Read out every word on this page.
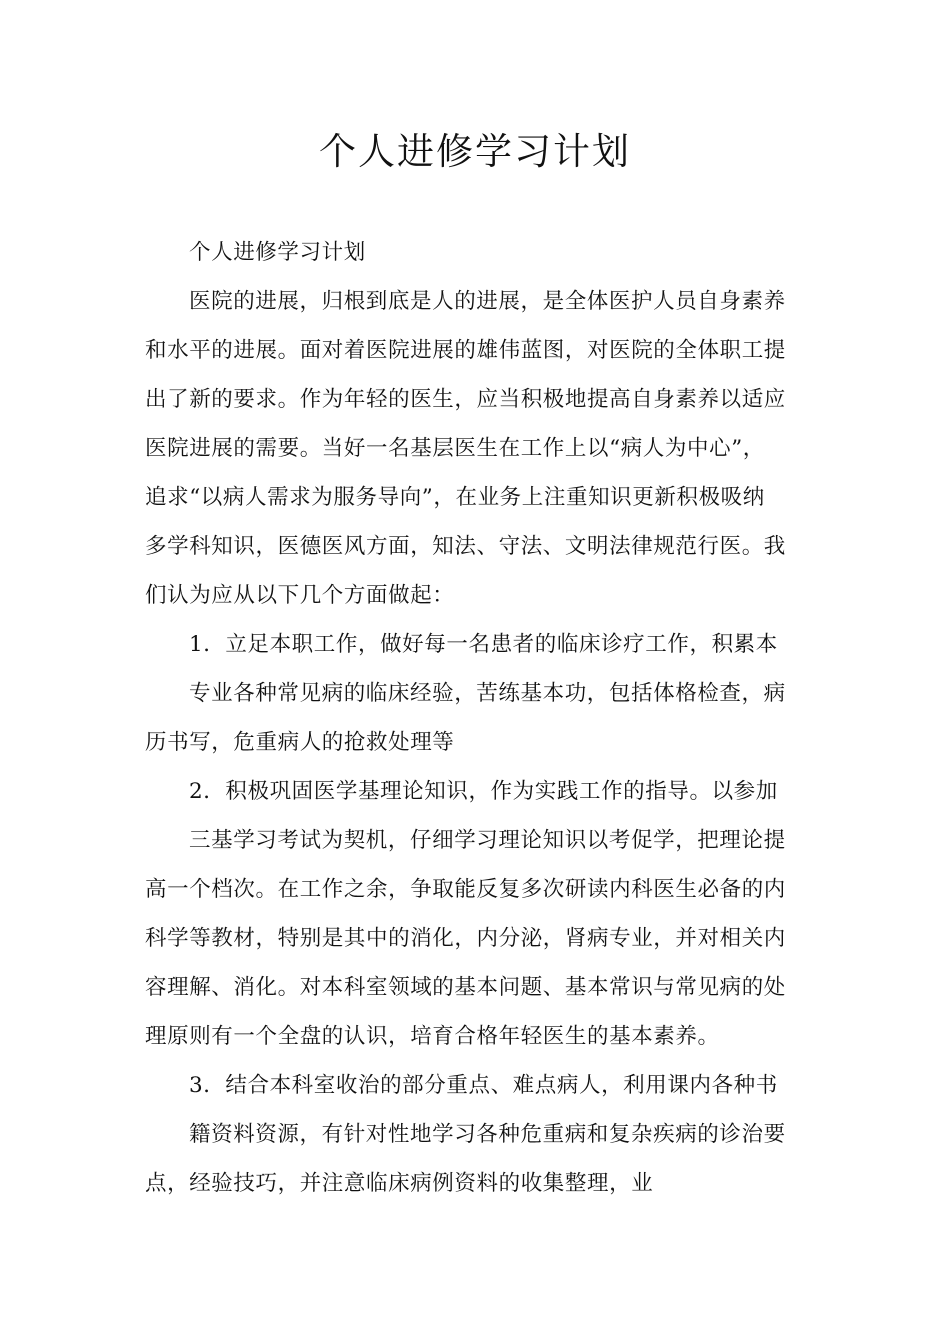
个人进修学习计划
个人进修学习计划
医院的进展，归根到底是人的进展，是全体医护人员自身素养
和水平的进展。面对着医院进展的雄伟蓝图，对医院的全体职工提
出了新的要求。作为年轻的医生，应当积极地提高自身素养以适应
医院进展的需要。当好一名基层医生在工作上以“病人为中心”，
追求“以病人需求为服务导向”，在业务上注重知识更新积极吸纳
多学科知识，医德医风方面，知法、守法、文明法律规范行医。我
们认为应从以下几个方面做起：
1．立足本职工作，做好每一名患者的临床诊疗工作，积累本
专业各种常见病的临床经验，苦练基本功，包括体格检查，病
历书写，危重病人的抢救处理等
2．积极巩固医学基理论知识，作为实践工作的指导。以参加
三基学习考试为契机，仔细学习理论知识以考促学，把理论提
高一个档次。在工作之余，争取能反复多次研读内科医生必备的内
科学等教材，特别是其中的消化，内分泌，肾病专业，并对相关内
容理解、消化。对本科室领域的基本问题、基本常识与常见病的处
理原则有一个全盘的认识，培育合格年轻医生的基本素养。
3．结合本科室收治的部分重点、难点病人，利用课内各种书
籍资料资源，有针对性地学习各种危重病和复杂疾病的诊治要
点，经验技巧，并注意临床病例资料的收集整理，业
